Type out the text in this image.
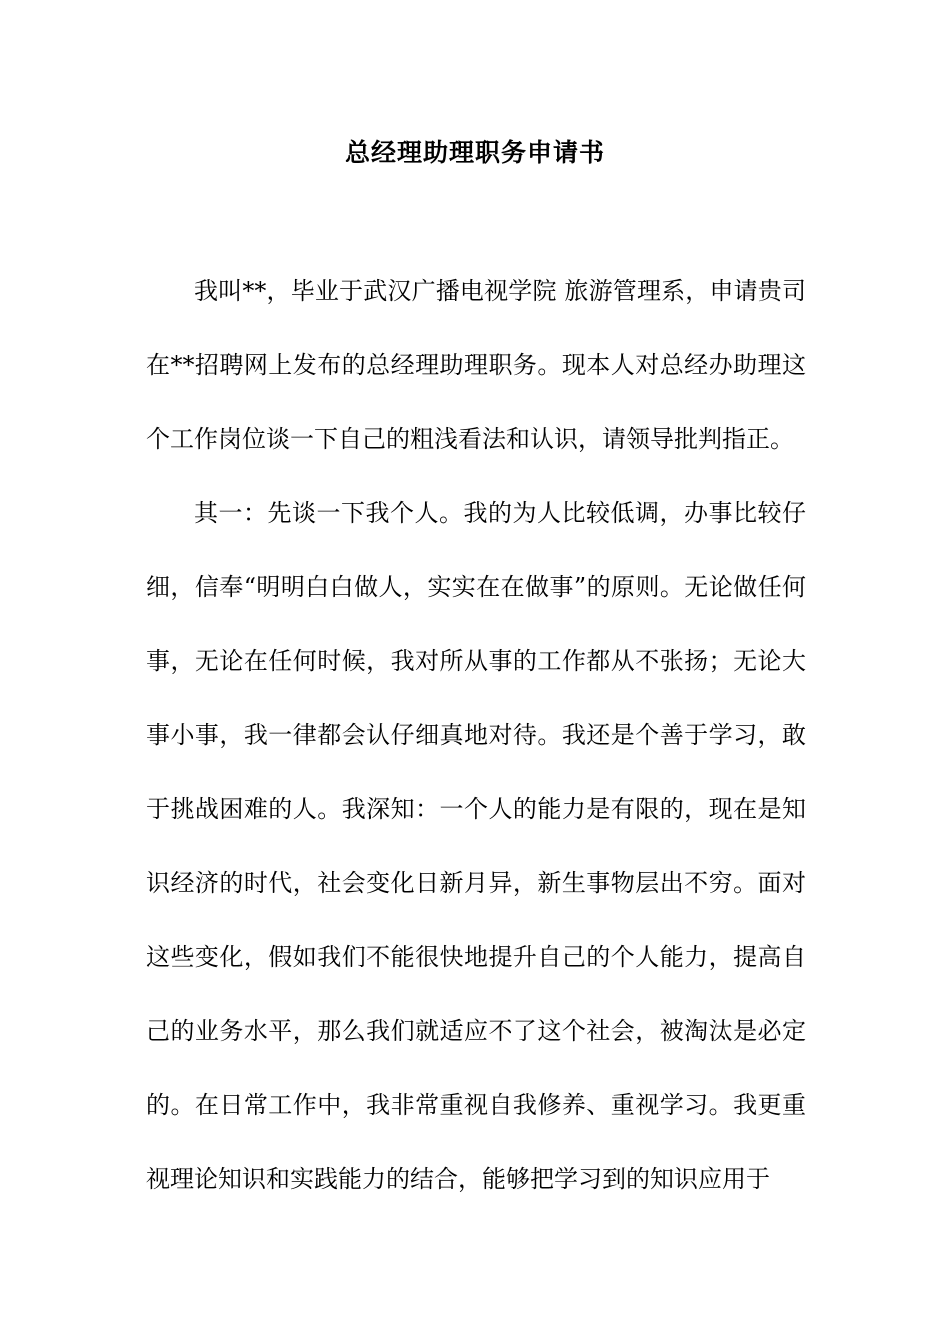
总经理助理职务申请书

我叫**，毕业于武汉广播电视学院 旅游管理系，申请贵司在**招聘网上发布的总经理助理职务。现本人对总经办助理这个工作岗位谈一下自己的粗浅看法和认识，请领导批判指正。

其一：先谈一下我个人。我的为人比较低调，办事比较仔细，信奉“明明白白做人，实实在在做事”的原则。无论做任何事，无论在任何时候，我对所从事的工作都从不张扬；无论大事小事，我一律都会认仔细真地对待。我还是个善于学习，敢于挑战困难的人。我深知：一个人的能力是有限的，现在是知识经济的时代，社会变化日新月异，新生事物层出不穷。面对这些变化，假如我们不能很快地提升自己的个人能力，提高自己的业务水平，那么我们就适应不了这个社会，被淘汰是必定的。在日常工作中，我非常重视自我修养、重视学习。我更重视理论知识和实践能力的结合，能够把学习到的知识应用于
